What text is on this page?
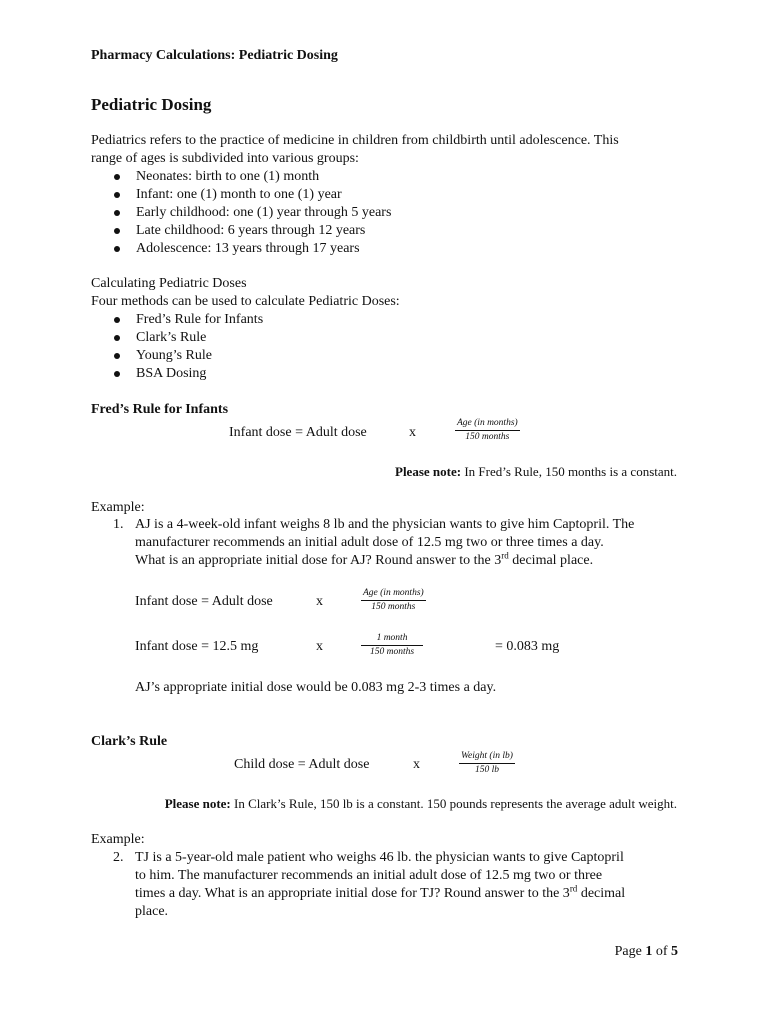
Pharmacy Calculations: Pediatric Dosing
Pediatric Dosing
Pediatrics refers to the practice of medicine in children from childbirth until adolescence. This
range of ages is subdivided into various groups:
Neonates: birth to one (1) month
Infant: one (1) month to one (1) year
Early childhood: one (1) year through 5 years
Late childhood: 6 years through 12 years
Adolescence: 13 years through 17 years
Calculating Pediatric Doses
Four methods can be used to calculate Pediatric Doses:
Fred’s Rule for Infants
Clark’s Rule
Young’s Rule
BSA Dosing
Fred’s Rule for Infants
Infant dose = Adult dose	x
Age (in months)
150 months
Please note: In Fred’s Rule, 150 months is a constant.
Example:
1. AJ is a 4-week-old infant weighs 8 lb and the physician wants to give him Captopril. The
manufacturer recommends an initial adult dose of 12.5 mg two or three times a day.
What is an appropriate initial dose for AJ? Round answer to the 3rd decimal place.
Infant dose = Adult dose	x
Age (in months)
150 months
Infant dose = 12.5 mg	x
1 month
150 months	= 0.083 mg
AJ’s appropriate initial dose would be 0.083 mg 2-3 times a day.
Clark’s Rule
Child dose = Adult dose	x
Weight (in lb)
150 lb
Please note: In Clark’s Rule, 150 lb is a constant. 150 pounds represents the average adult weight.
Example:
2. TJ is a 5-year-old male patient who weighs 46 lb. the physician wants to give Captopril
to him. The manufacturer recommends an initial adult dose of 12.5 mg two or three
times a day. What is an appropriate initial dose for TJ? Round answer to the 3rd decimal
place.
Page 1 of 5
